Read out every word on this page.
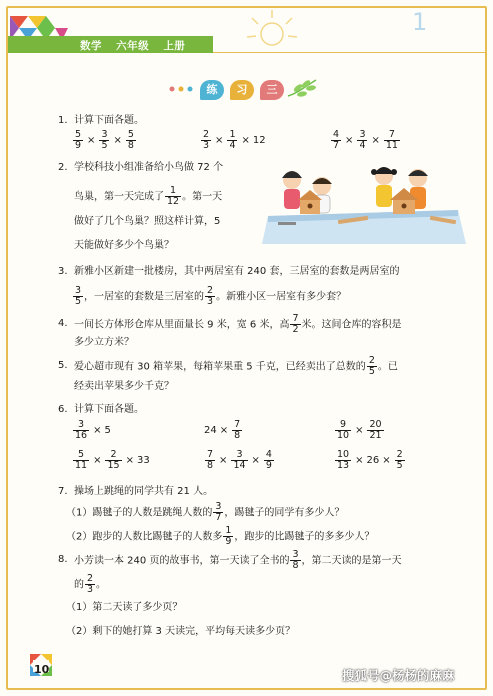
数学 六年级 上册
1
练	习	三
1. 计算下面各题。
$\frac{5}{9} \times \frac{3}{5} \times \frac{5}{8}$	$\frac{2}{3} \times \frac{1}{4} \times 12$	$\frac{4}{7} \times \frac{3}{4} \times \frac{7}{11}$
2. 学校科技小组准备给小鸟做 72 个
鸟巢，第一天完成了 $\frac{1}{12}$ 。第一天
做好了几个鸟巢？照这样计算，5
天能做好多少个鸟巢？
3. 新雅小区新建一批楼房，其中两居室有 240 套，三居室的套数是两居室的
$\frac{3}{5}$ ，一居室的套数是三居室的 $\frac{2}{3}$ 。新雅小区一居室有多少套？
4. 一间长方体形仓库从里面量长 9 米，宽 6 米，高 $\frac{7}{2}$ 米。这间仓库的容积是
多少立方米？
5. 爱心超市现有 30 箱苹果，每箱苹果重 5 千克，已经卖出了总数的 $\frac{2}{5}$ 。已
经卖出苹果多少千克？
6. 计算下面各题。
$\frac{3}{16} \times 5$	$24 \times \frac{7}{8}$	$\frac{9}{10} \times \frac{20}{21}$
$\frac{5}{11} \times \frac{2}{15} \times 33$	$\frac{7}{8} \times \frac{3}{14} \times \frac{4}{9}$	$\frac{10}{13} \times 26 \times \frac{2}{5}$
7. 操场上跳绳的同学共有 21 人。
（1）踢毽子的人数是跳绳人数的 $\frac{3}{7}$ ，踢毽子的同学有多少人？
（2）跑步的人数比踢毽子的人数多 $\frac{1}{9}$ ，跑步的比踢毽子的多多少人？
8. 小芳读一本 240 页的故事书，第一天读了全书的 $\frac{3}{8}$ ，第二天读的是第一天
的 $\frac{2}{3}$ 。
（1）第二天读了多少页？
（2）剩下的她打算 3 天读完，平均每天读多少页？
10	搜狐号@杨杨的麻麻
